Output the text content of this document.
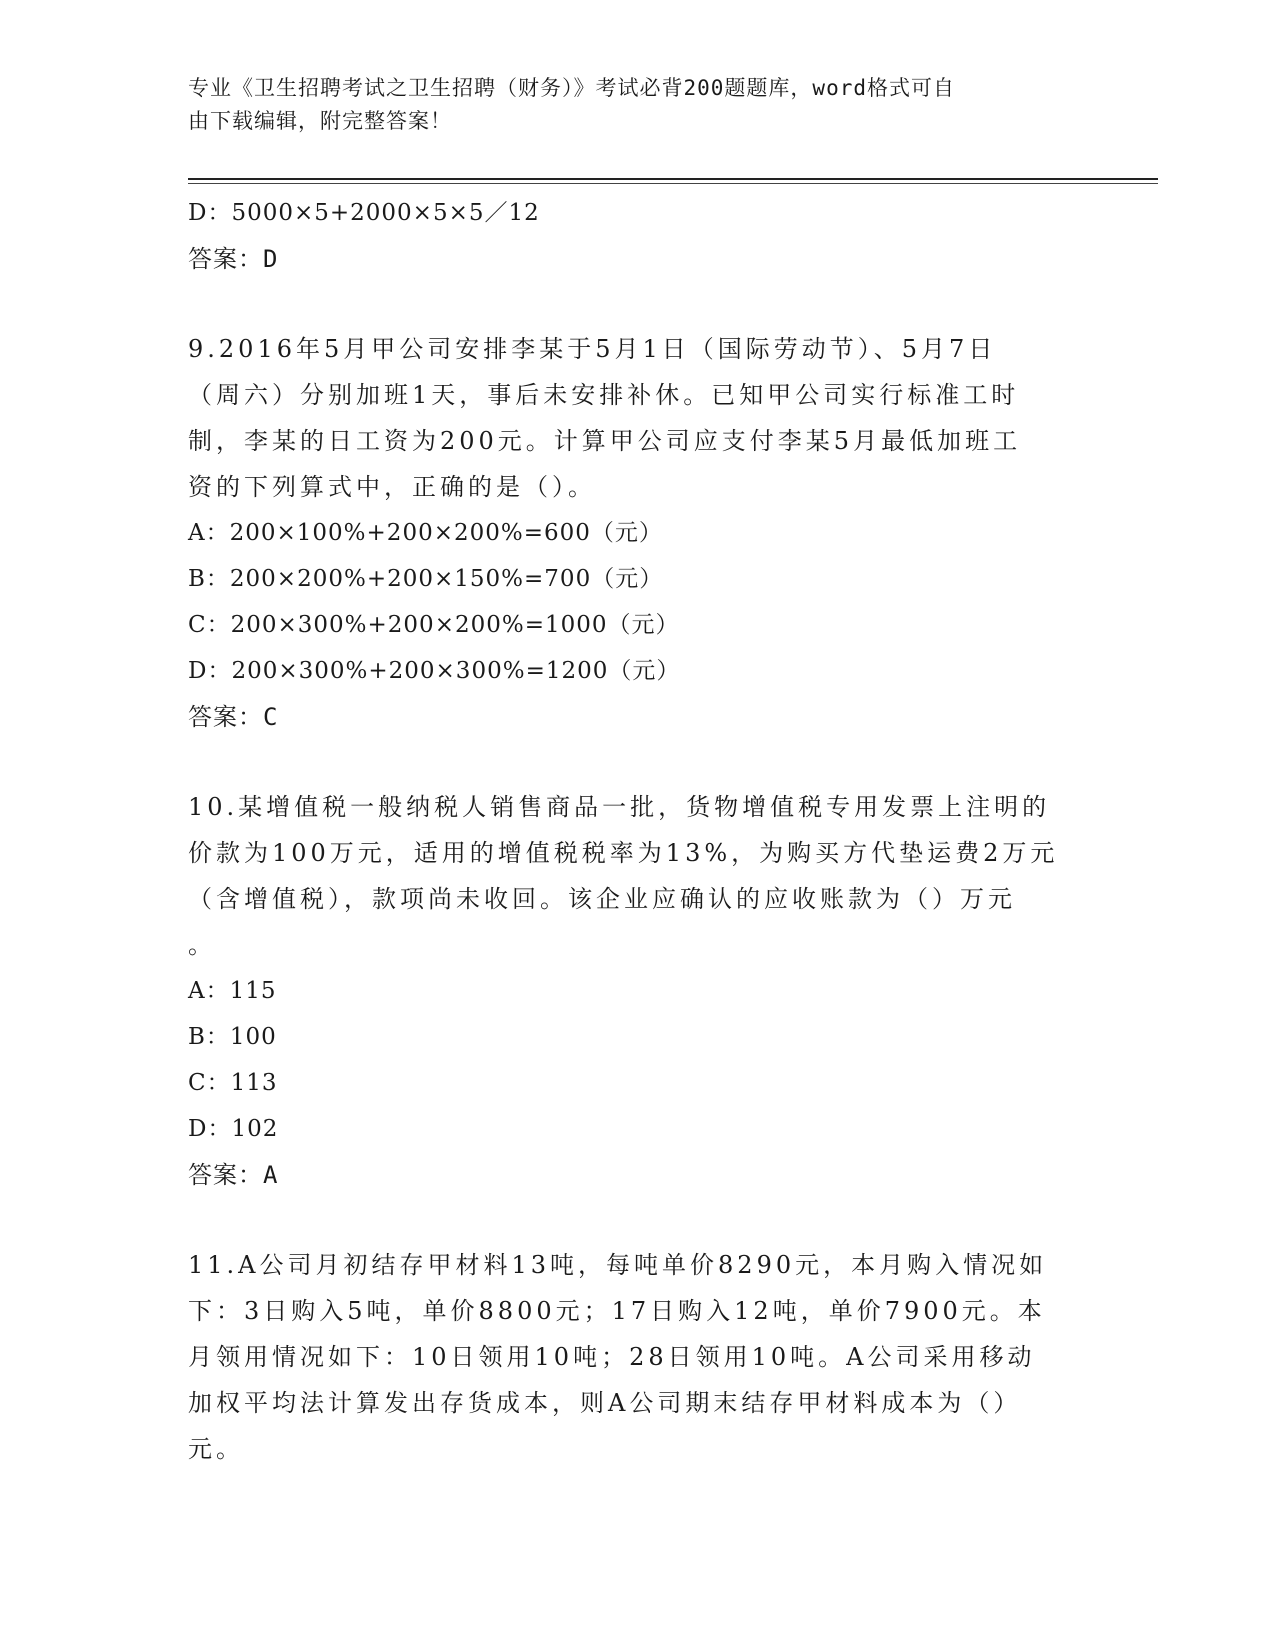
专业《卫生招聘考试之卫生招聘（财务）》考试必背200题题库，word格式可自
由下载编辑，附完整答案！
D：5000×5+2000×5×5／12
答案：D
9.2016年5月甲公司安排李某于5月1日（国际劳动节）、5月7日
（周六）分别加班1天，事后未安排补休。已知甲公司实行标准工时
制，李某的日工资为200元。计算甲公司应支付李某5月最低加班工
资的下列算式中，正确的是（）。
A：200×100%+200×200%=600（元）
B：200×200%+200×150%=700（元）
C：200×300%+200×200%=1000（元）
D：200×300%+200×300%=1200（元）
答案：C
10.某增值税一般纳税人销售商品一批，货物增值税专用发票上注明的
价款为100万元，适用的增值税税率为13%，为购买方代垫运费2万元
（含增值税），款项尚未收回。该企业应确认的应收账款为（）万元
。
A：115
B：100
C：113
D：102
答案：A
11.A公司月初结存甲材料13吨，每吨单价8290元，本月购入情况如
下：3日购入5吨，单价8800元；17日购入12吨，单价7900元。本
月领用情况如下：10日领用10吨；28日领用10吨。A公司采用移动
加权平均法计算发出存货成本，则A公司期末结存甲材料成本为（）
元。
